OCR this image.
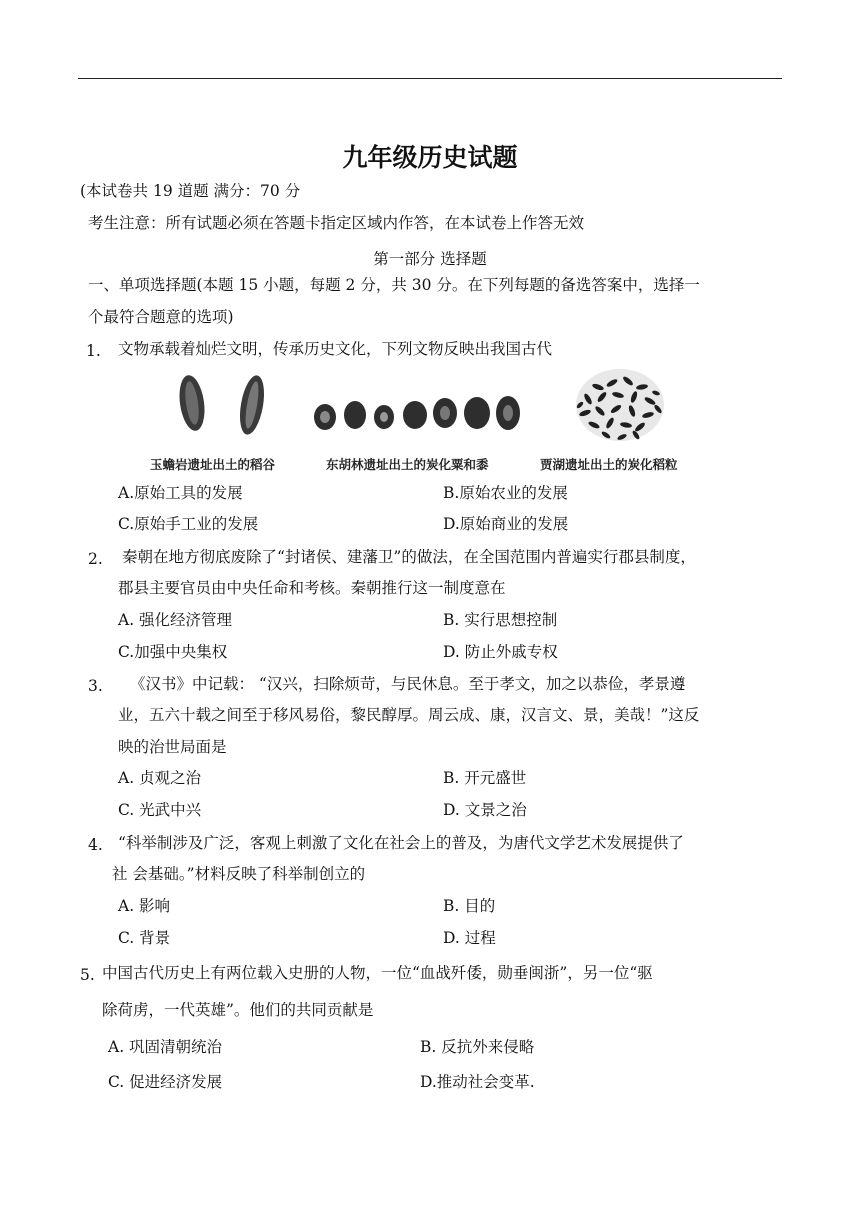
九年级历史试题
(本试卷共 19 道题 满分：70 分
考生注意：所有试题必须在答题卡指定区域内作答，在本试卷上作答无效
第一部分 选择题
一、单项选择题(本题 15 小题，每题 2 分，共 30 分。在下列每题的备选答案中，选择一
个最符合题意的选项)
1. 文物承载着灿烂文明，传承历史文化，下列文物反映出我国古代
玉蟾岩遗址出土的稻谷	东胡林遗址出土的炭化粟和黍	贾湖遗址出土的炭化稻粒
A.原始工具的发展	B.原始农业的发展
C.原始手工业的发展	D.原始商业的发展
2. 秦朝在地方彻底废除了“封诸侯、建藩卫”的做法，在全国范围内普遍实行郡县制度，
郡县主要官员由中央任命和考核。秦朝推行这一制度意在
A. 强化经济管理	B. 实行思想控制
C.加强中央集权	D. 防止外戚专权
3. 《汉书》中记载： “汉兴，扫除烦苛，与民休息。至于孝文，加之以恭俭，孝景遵
业，五六十载之间至于移风易俗，黎民醇厚。周云成、康，汉言文、景，美哉！”这反
映的治世局面是
A. 贞观之治	B. 开元盛世
C. 光武中兴	D. 文景之治
4. “科举制涉及广泛，客观上刺激了文化在社会上的普及，为唐代文学艺术发展提供了
社 会基础。”材料反映了科举制创立的
A. 影响	B. 目的
C. 背景	D. 过程
5. 中国古代历史上有两位载入史册的人物，一位“血战歼倭，勋垂闽浙”，另一位“驱
除荷虏，一代英雄”。他们的共同贡献是
A. 巩固清朝统治	B. 反抗外来侵略
C. 促进经济发展	D.推动社会变革.
